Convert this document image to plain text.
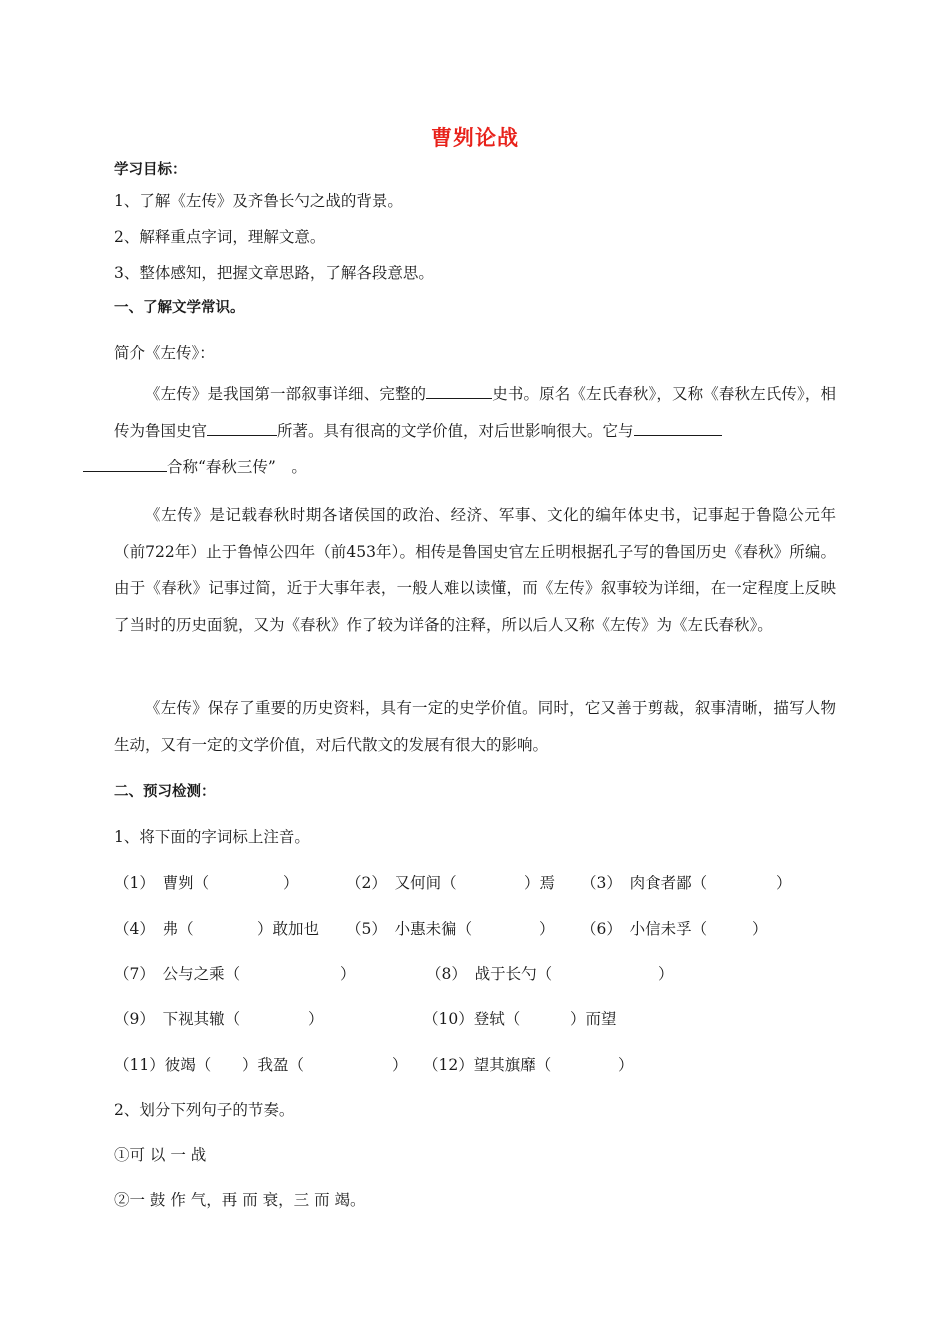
曹刿论战
学习目标：
1、了解《左传》及齐鲁长勺之战的背景。
2、解释重点字词，理解文意。
3、整体感知，把握文章思路，了解各段意思。
一、了解文学常识。
简介《左传》：
《左传》是我国第一部叙事详细、完整的	史书。原名《左氏春秋》，又称《春秋左氏传》，相传为鲁国史官	所著。具有很高的文学价值，对后世影响很大。它与
合称“春秋三传”　。
《左传》是记载春秋时期各诸侯国的政治、经济、军事、文化的编年体史书，记事起于鲁隐公元年（前722年）止于鲁悼公四年（前453年）。相传是鲁国史官左丘明根据孔子写的鲁国历史《春秋》所编。由于《春秋》记事过简，近于大事年表，一般人难以读懂，而《左传》叙事较为详细，在一定程度上反映了当时的历史面貌，又为《春秋》作了较为详备的注释，所以后人又称《左传》为《左氏春秋》。
《左传》保存了重要的历史资料，具有一定的史学价值。同时，它又善于剪裁，叙事清晰，描写人物生动，又有一定的文学价值，对后代散文的发展有很大的影响。
二、预习检测：
1、将下面的字词标上注音。
（1）　曹刿（	）	（2）　又何间（	）焉 （3）　肉食者鄙（	）
（4）　弗（	）敢加也 （5）　小惠未徧（	） （6）　小信未孚（	）
（7）　公与之乘（	）	（8）　战于长勺（	）
（9）　下视其辙（	）	（10）登轼（	）而望
（11）彼竭（ ）我盈（	） （12）望其旗靡（	）
2、划分下列句子的节奏。
①可 以 一 战
②一 鼓 作 气，再 而 衰，三 而 竭。
